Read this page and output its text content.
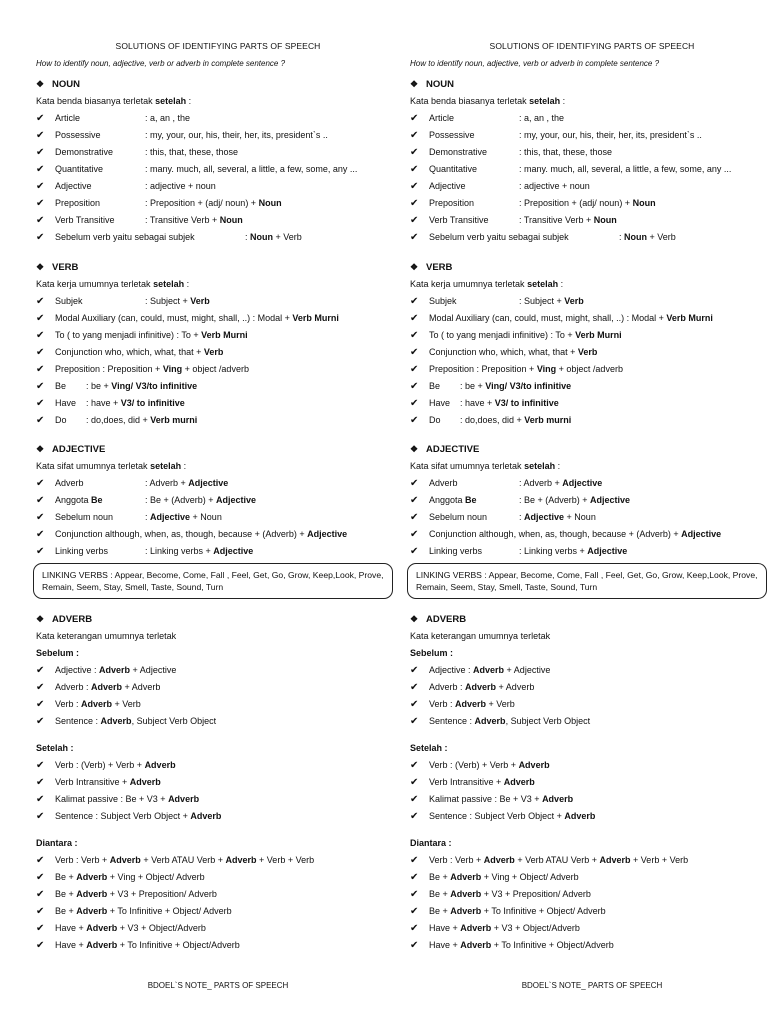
SOLUTIONS OF IDENTIFYING PARTS OF SPEECH
How to identify noun, adjective, verb or adverb in complete sentence ?
❖ NOUN
Kata benda biasanya terletak setelah :
✔ Article	: a, an , the
✔ Possessive	: my, your, our, his, their, her, its, president`s ..
✔ Demonstrative	: this, that, these, those
✔ Quantitative	: many. much, all, several, a little, a few, some, any ...
✔ Adjective	: adjective + noun
✔ Preposition	: Preposition + (adj/ noun) + Noun
✔ Verb Transitive	: Transitive Verb + Noun
✔ Sebelum verb yaitu sebagai subjek	: Noun + Verb
❖ VERB
Kata kerja umumnya terletak setelah :
✔ Subjek	: Subject + Verb
✔ Modal Auxiliary (can, could, must, might, shall, ..) : Modal + Verb Murni
✔ To ( to yang menjadi infinitive) : To + Verb Murni
✔ Conjunction who, which, what, that + Verb
✔ Preposition : Preposition + Ving + object /adverb
✔ Be : be + Ving/ V3/to infinitive
✔ Have : have + V3/ to infinitive
✔ Do : do,does, did + Verb murni
❖ ADJECTIVE
Kata sifat umumnya terletak setelah :
✔ Adverb	: Adverb + Adjective
✔ Anggota Be	: Be + (Adverb) + Adjective
✔ Sebelum noun	: Adjective + Noun
✔ Conjunction although, when, as, though, because + (Adverb) + Adjective
✔ Linking verbs	: Linking verbs + Adjective
LINKING VERBS : Appear, Become, Come, Fall , Feel, Get, Go, Grow, Keep,Look, Prove, Remain, Seem, Stay, Smell, Taste, Sound, Turn
❖ ADVERB
Kata keterangan umumnya terletak
Sebelum :
✔ Adjective : Adverb + Adjective
✔ Adverb : Adverb + Adverb
✔ Verb : Adverb + Verb
✔ Sentence : Adverb, Subject Verb Object
Setelah :
✔ Verb : (Verb) + Verb + Adverb
✔ Verb Intransitive + Adverb
✔ Kalimat passive : Be + V3 + Adverb
✔ Sentence : Subject Verb Object + Adverb
Diantara :
✔ Verb : Verb + Adverb + Verb ATAU Verb + Adverb + Verb + Verb
✔ Be + Adverb + Ving + Object/ Adverb
✔ Be + Adverb + V3 + Preposition/ Adverb
✔ Be + Adverb + To Infinitive + Object/ Adverb
✔ Have + Adverb + V3 + Object/Adverb
✔ Have + Adverb + To Infinitive + Object/Adverb
BDOEL`S NOTE_ PARTS OF SPEECH
SOLUTIONS OF IDENTIFYING PARTS OF SPEECH
How to identify noun, adjective, verb or adverb in complete sentence ?
❖ NOUN
Kata benda biasanya terletak setelah :
✔ Article	: a, an , the
✔ Possessive	: my, your, our, his, their, her, its, president`s ..
✔ Demonstrative	: this, that, these, those
✔ Quantitative	: many. much, all, several, a little, a few, some, any ...
✔ Adjective	: adjective + noun
✔ Preposition	: Preposition + (adj/ noun) + Noun
✔ Verb Transitive	: Transitive Verb + Noun
✔ Sebelum verb yaitu sebagai subjek	: Noun + Verb
❖ VERB
Kata kerja umumnya terletak setelah :
✔ Subjek	: Subject + Verb
✔ Modal Auxiliary (can, could, must, might, shall, ..) : Modal + Verb Murni
✔ To ( to yang menjadi infinitive) : To + Verb Murni
✔ Conjunction who, which, what, that + Verb
✔ Preposition : Preposition + Ving + object /adverb
✔ Be : be + Ving/ V3/to infinitive
✔ Have : have + V3/ to infinitive
✔ Do : do,does, did + Verb murni
❖ ADJECTIVE
Kata sifat umumnya terletak setelah :
✔ Adverb	: Adverb + Adjective
✔ Anggota Be	: Be + (Adverb) + Adjective
✔ Sebelum noun	: Adjective + Noun
✔ Conjunction although, when, as, though, because + (Adverb) + Adjective
✔ Linking verbs	: Linking verbs + Adjective
LINKING VERBS : Appear, Become, Come, Fall , Feel, Get, Go, Grow, Keep,Look, Prove, Remain, Seem, Stay, Smell, Taste, Sound, Turn
❖ ADVERB
Kata keterangan umumnya terletak
Sebelum :
✔ Adjective : Adverb + Adjective
✔ Adverb : Adverb + Adverb
✔ Verb : Adverb + Verb
✔ Sentence : Adverb, Subject Verb Object
Setelah :
✔ Verb : (Verb) + Verb + Adverb
✔ Verb Intransitive + Adverb
✔ Kalimat passive : Be + V3 + Adverb
✔ Sentence : Subject Verb Object + Adverb
Diantara :
✔ Verb : Verb + Adverb + Verb ATAU Verb + Adverb + Verb + Verb
✔ Be + Adverb + Ving + Object/ Adverb
✔ Be + Adverb + V3 + Preposition/ Adverb
✔ Be + Adverb + To Infinitive + Object/ Adverb
✔ Have + Adverb + V3 + Object/Adverb
✔ Have + Adverb + To Infinitive + Object/Adverb
BDOEL`S NOTE_ PARTS OF SPEECH
